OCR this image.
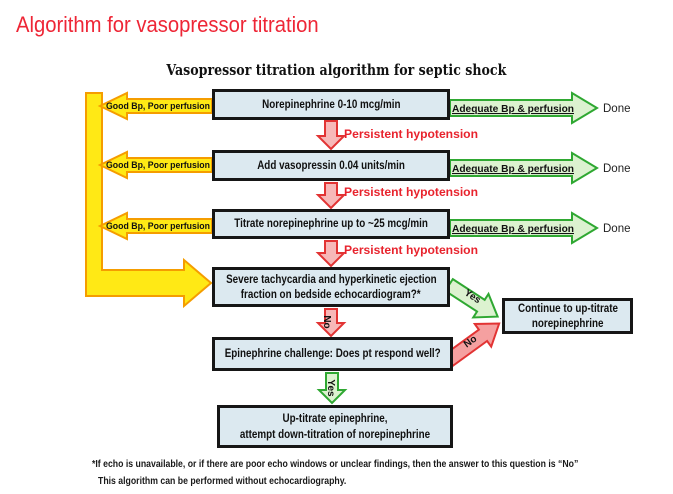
Algorithm for vasopressor titration
Vasopressor titration algorithm for septic shock
Good Bp, Poor perfusion
Good Bp, Poor perfusion
Good Bp, Poor perfusion
Adequate Bp & perfusion
Adequate Bp & perfusion
Adequate Bp & perfusion
Done
Done
Done
Persistent hypotension
Persistent hypotension
Persistent hypotension
No
Yes
Yes
No
Norepinephrine 0-10 mcg/min
Add vasopressin 0.04 units/min
Titrate norepinephrine up to ~25 mcg/min
Severe tachycardia and hyperkinetic ejection
fraction on bedside echocardiogram?*
Epinephrine challenge: Does pt respond well?
Up-titrate epinephrine,
attempt down-titration of norepinephrine
Continue to up-titrate
norepinephrine
*If echo is unavailable, or if there are poor echo windows or unclear findings, then the answer to this question is “No”
This algorithm can be performed without echocardiography.
